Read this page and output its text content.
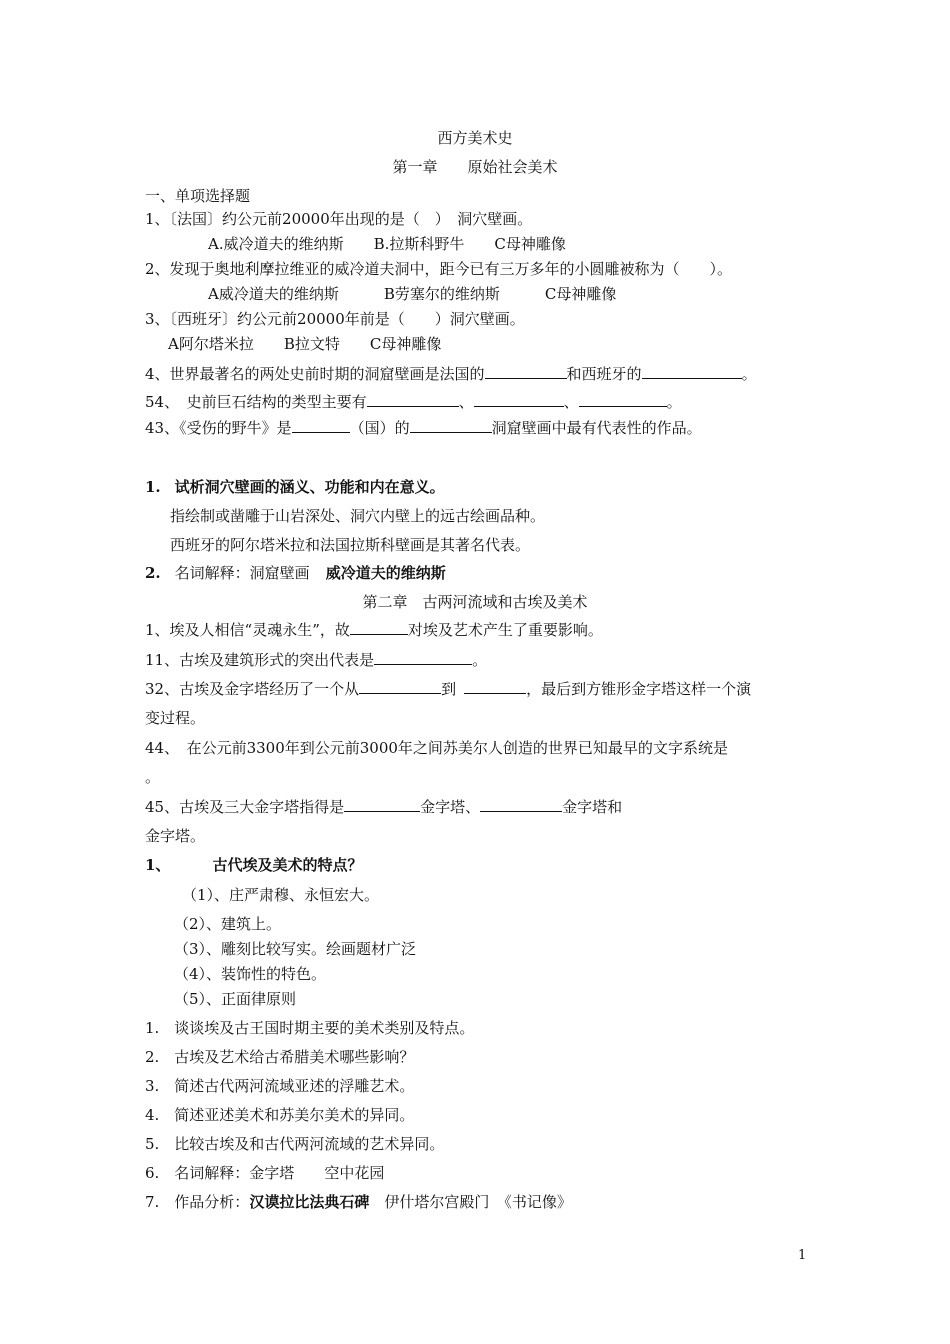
西方美术史
第一章　　原始社会美术
一、单项选择题
1、〔法国〕约公元前20000年出现的是（　）　洞穴壁画。
A.威冷道夫的维纳斯　　B.拉斯科野牛　　C母神雕像
2、发现于奥地利摩拉维亚的威冷道夫洞中，距今已有三万多年的小圆雕被称为（　　）。
A威冷道夫的维纳斯　　　B劳塞尔的维纳斯　　　C母神雕像
3、〔西班牙〕约公元前20000年前是（　　）洞穴壁画。
A阿尔塔米拉　　B拉文特　　C母神雕像
4、世界最著名的两处史前时期的洞窟壁画是法国的	和西班牙的	。
54、　史前巨石结构的类型主要有	、	、	。
43、《受伤的野牛》是	（国）的	洞窟壁画中最有代表性的作品。
1. 试析洞穴壁画的涵义、功能和内在意义。
指绘制或凿雕于山岩深处、洞穴内壁上的远古绘画品种。
西班牙的阿尔塔米拉和法国拉斯科壁画是其著名代表。
2. 名词解释：洞窟壁画 威冷道夫的维纳斯
第二章　古两河流域和古埃及美术
1、埃及人相信“灵魂永生”，故	对埃及艺术产生了重要影响。
11、古埃及建筑形式的突出代表是	。
32、古埃及金字塔经历了一个从	到	，最后到方锥形金字塔这样一个演
变过程。
44、　在公元前3300年到公元前3000年之间苏美尔人创造的世界已知最早的文字系统是
。
45、古埃及三大金字塔指得是	金字塔、	金字塔和
金字塔。
1、	古代埃及美术的特点？
（1）、庄严肃穆、永恒宏大。
（2）、建筑上。
（3）、雕刻比较写实。绘画题材广泛
（4）、装饰性的特色。
（5）、正面律原则
1.　谈谈埃及古王国时期主要的美术类别及特点。
2.　古埃及艺术给古希腊美术哪些影响？
3.　简述古代两河流域亚述的浮雕艺术。
4.　简述亚述美术和苏美尔美术的异同。
5.　比较古埃及和古代两河流域的艺术异同。
6.　名词解释：金字塔　　空中花园
7.　作品分析：汉谟拉比法典石碑　伊什塔尔宫殿门　《书记像》
1
